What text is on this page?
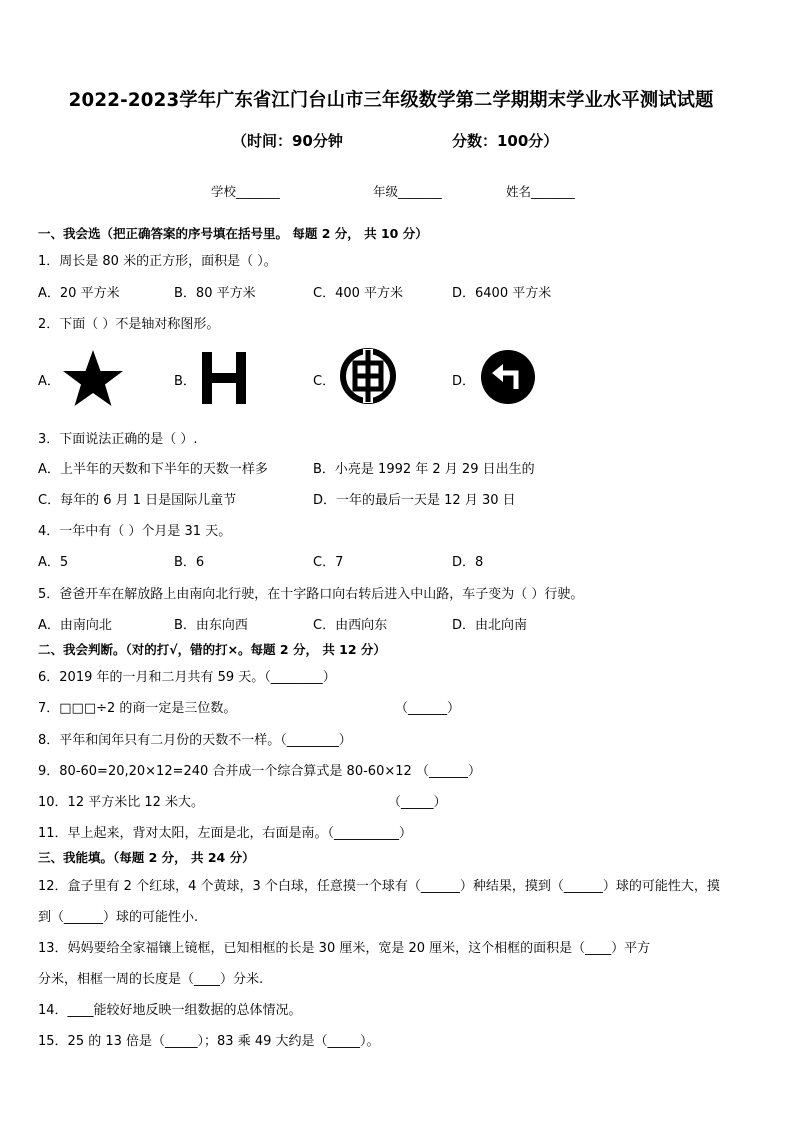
2022-2023学年广东省江门台山市三年级数学第二学期期末学业水平测试试题
（时间：90分钟	分数：100分）
学校_______	年级_______	姓名_______
一、我会选（把正确答案的序号填在括号里。 每题 2 分， 共 10 分）
1．周长是 80 米的正方形，面积是（ ）。
A．20 平方米	B．80 平方米	C．400 平方米	D．6400 平方米
2．下面（ ）不是轴对称图形。
A．	B．	C．	D．
3．下面说法正确的是（ ）.
A．上半年的天数和下半年的天数一样多	B．小亮是 1992 年 2 月 29 日出生的
C．每年的 6 月 1 日是国际儿童节	D．一年的最后一天是 12 月 30 日
4．一年中有（ ）个月是 31 天。
A．5	B．6	C．7	D．8
5．爸爸开车在解放路上由南向北行驶，在十字路口向右转后进入中山路，车子变为（ ）行驶。
A．由南向北	B．由东向西	C．由西向东	D．由北向南
二、我会判断。（对的打√，错的打×。每题 2 分， 共 12 分）
6．2019 年的一月和二月共有 59 天。（________）
7．□□□÷2 的商一定是三位数。	（______）
8．平年和闰年只有二月份的天数不一样。（________）
9．80-60=20,20×12=240 合并成一个综合算式是 80-60×12 （______）
10．12 平方米比 12 米大。	（_____）
11．早上起来，背对太阳，左面是北，右面是南。（__________）
三、我能填。（每题 2 分， 共 24 分）
12．盒子里有 2 个红球，4 个黄球，3 个白球，任意摸一个球有（______）种结果，摸到（______）球的可能性大，摸
到（______）球的可能性小.
13．妈妈要给全家福镶上镜框，已知相框的长是 30 厘米，宽是 20 厘米，这个相框的面积是（____）平方
分米，相框一周的长度是（____）分米.
14．____能较好地反映一组数据的总体情况。
15．25 的 13 倍是（_____）；83 乘 49 大约是（_____）。
